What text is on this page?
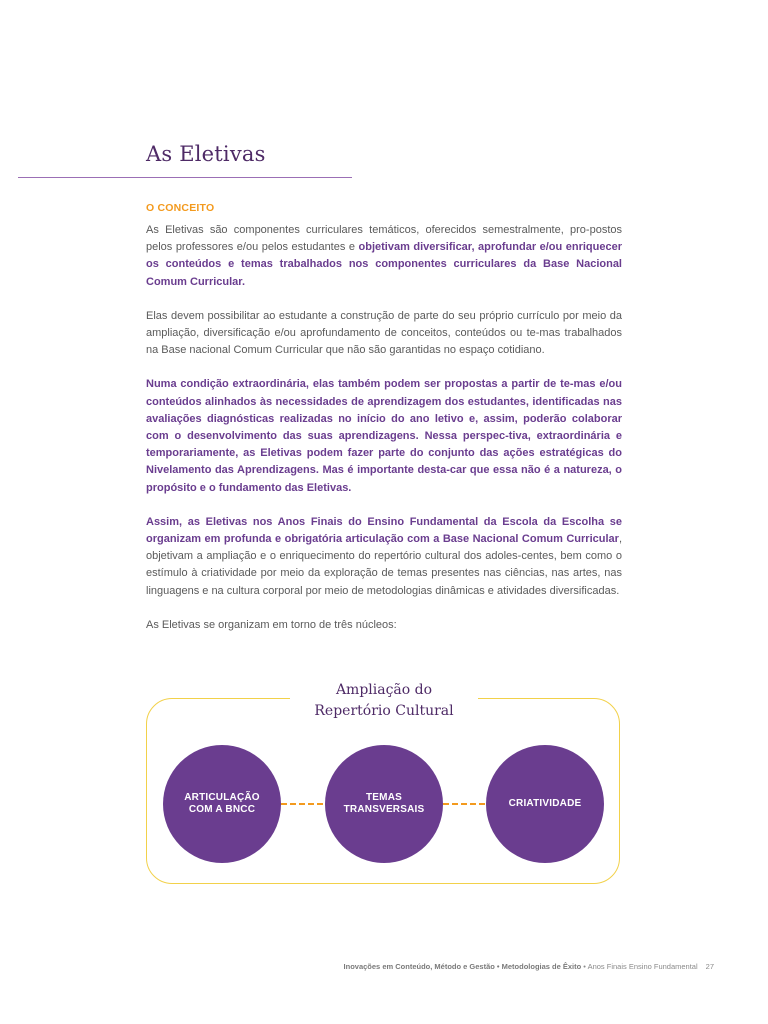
As Eletivas

O CONCEITO

As Eletivas são componentes curriculares temáticos, oferecidos semestralmente, pro-postos pelos professores e/ou pelos estudantes e objetivam diversificar, aprofundar e/ou enriquecer os conteúdos e temas trabalhados nos componentes curriculares da Base Nacional Comum Curricular.

Elas devem possibilitar ao estudante a construção de parte do seu próprio currículo por meio da ampliação, diversificação e/ou aprofundamento de conceitos, conteúdos ou te-mas trabalhados na Base nacional Comum Curricular que não são garantidas no espaço cotidiano.

Numa condição extraordinária, elas também podem ser propostas a partir de te-mas e/ou conteúdos alinhados às necessidades de aprendizagem dos estudantes, identificadas nas avaliações diagnósticas realizadas no início do ano letivo e, assim, poderão colaborar com o desenvolvimento das suas aprendizagens. Nessa perspec-tiva, extraordinária e temporariamente, as Eletivas podem fazer parte do conjunto das ações estratégicas do Nivelamento das Aprendizagens. Mas é importante desta-car que essa não é a natureza, o propósito e o fundamento das Eletivas.

Assim, as Eletivas nos Anos Finais do Ensino Fundamental da Escola da Escolha se organizam em profunda e obrigatória articulação com a Base Nacional Comum Curricular, objetivam a ampliação e o enriquecimento do repertório cultural dos adoles-centes, bem como o estímulo à criatividade por meio da exploração de temas presentes nas ciências, nas artes, nas linguagens e na cultura corporal por meio de metodologias dinâmicas e atividades diversificadas.

As Eletivas se organizam em torno de três núcleos:

Ampliação do
Repertório Cultural
ARTICULAÇÃO
COM A BNCC
TEMAS
TRANSVERSAIS
CRIATIVIDADE
Inovações em Conteúdo, Método e Gestão • Metodologias de Êxito • Anos Finais Ensino Fundamental 27
